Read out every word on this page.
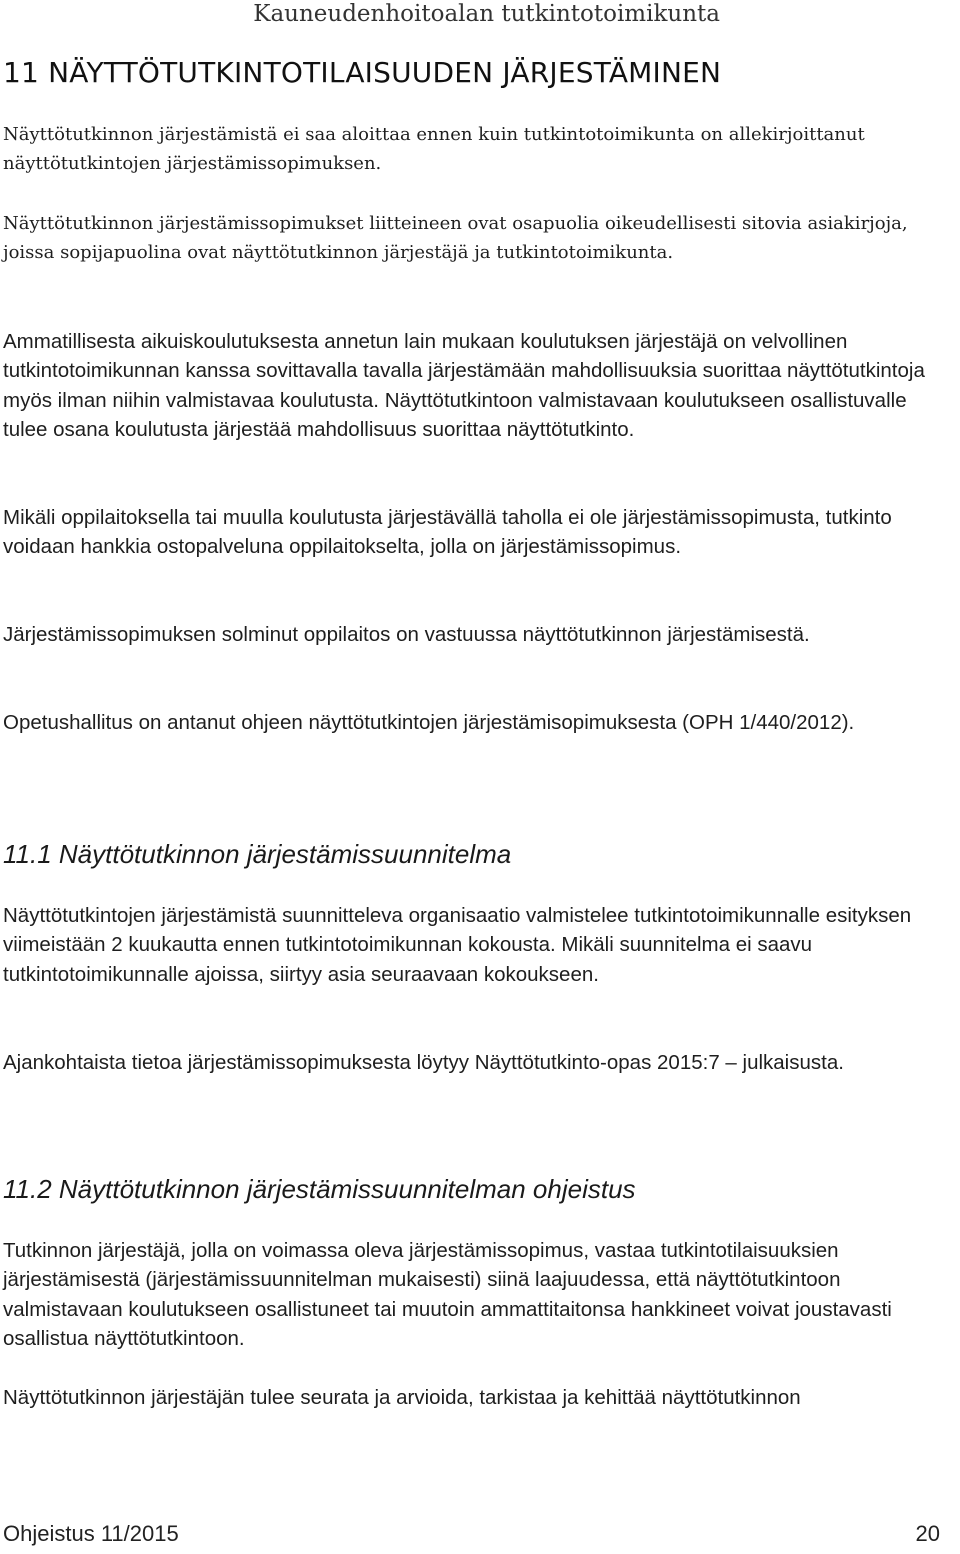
Kauneudenhoitoalan tutkintotoimikunta
11 NÄYTTÖTUTKINTOTILAISUUDEN JÄRJESTÄMINEN

Näyttötutkinnon järjestämistä ei saa aloittaa ennen kuin tutkintotoimikunta on allekirjoittanut näyttötutkintojen järjestämissopimuksen.

Näyttötutkinnon järjestämissopimukset liitteineen ovat osapuolia oikeudellisesti sitovia asiakirjoja, joissa sopijapuolina ovat näyttötutkinnon järjestäjä ja tutkintotoimikunta.

Ammatillisesta aikuiskoulutuksesta annetun lain mukaan koulutuksen järjestäjä on velvollinen tutkintotoimikunnan kanssa sovittavalla tavalla järjestämään mahdollisuuksia suorittaa näyttötutkintoja myös ilman niihin valmistavaa koulutusta. Näyttötutkintoon valmistavaan koulutukseen osallistuvalle tulee osana koulutusta järjestää mahdollisuus suorittaa näyttötutkinto.

Mikäli oppilaitoksella tai muulla koulutusta järjestävällä taholla ei ole järjestämissopimusta, tutkinto voidaan hankkia ostopalveluna oppilaitokselta, jolla on järjestämissopimus.

Järjestämissopimuksen solminut oppilaitos on vastuussa näyttötutkinnon järjestämisestä.

Opetushallitus on antanut ohjeen näyttötutkintojen järjestämisopimuksesta (OPH 1/440/2012).

11.1 Näyttötutkinnon järjestämissuunnitelma

Näyttötutkintojen järjestämistä suunnitteleva organisaatio valmistelee tutkintotoimikunnalle esityksen viimeistään 2 kuukautta ennen tutkintotoimikunnan kokousta. Mikäli suunnitelma ei saavu tutkintotoimikunnalle ajoissa, siirtyy asia seuraavaan kokoukseen.

Ajankohtaista tietoa järjestämissopimuksesta löytyy Näyttötutkinto-opas 2015:7 – julkaisusta.

11.2 Näyttötutkinnon järjestämissuunnitelman ohjeistus

Tutkinnon järjestäjä, jolla on voimassa oleva järjestämissopimus, vastaa tutkintotilaisuuksien järjestämisestä (järjestämissuunnitelman mukaisesti) siinä laajuudessa, että näyttötutkintoon valmistavaan koulutukseen osallistuneet tai muutoin ammattitaitonsa hankkineet voivat joustavasti osallistua näyttötutkintoon.

Näyttötutkinnon järjestäjän tulee seurata ja arvioida, tarkistaa ja kehittää näyttötutkinnon

Ohjeistus 11/2015	20
